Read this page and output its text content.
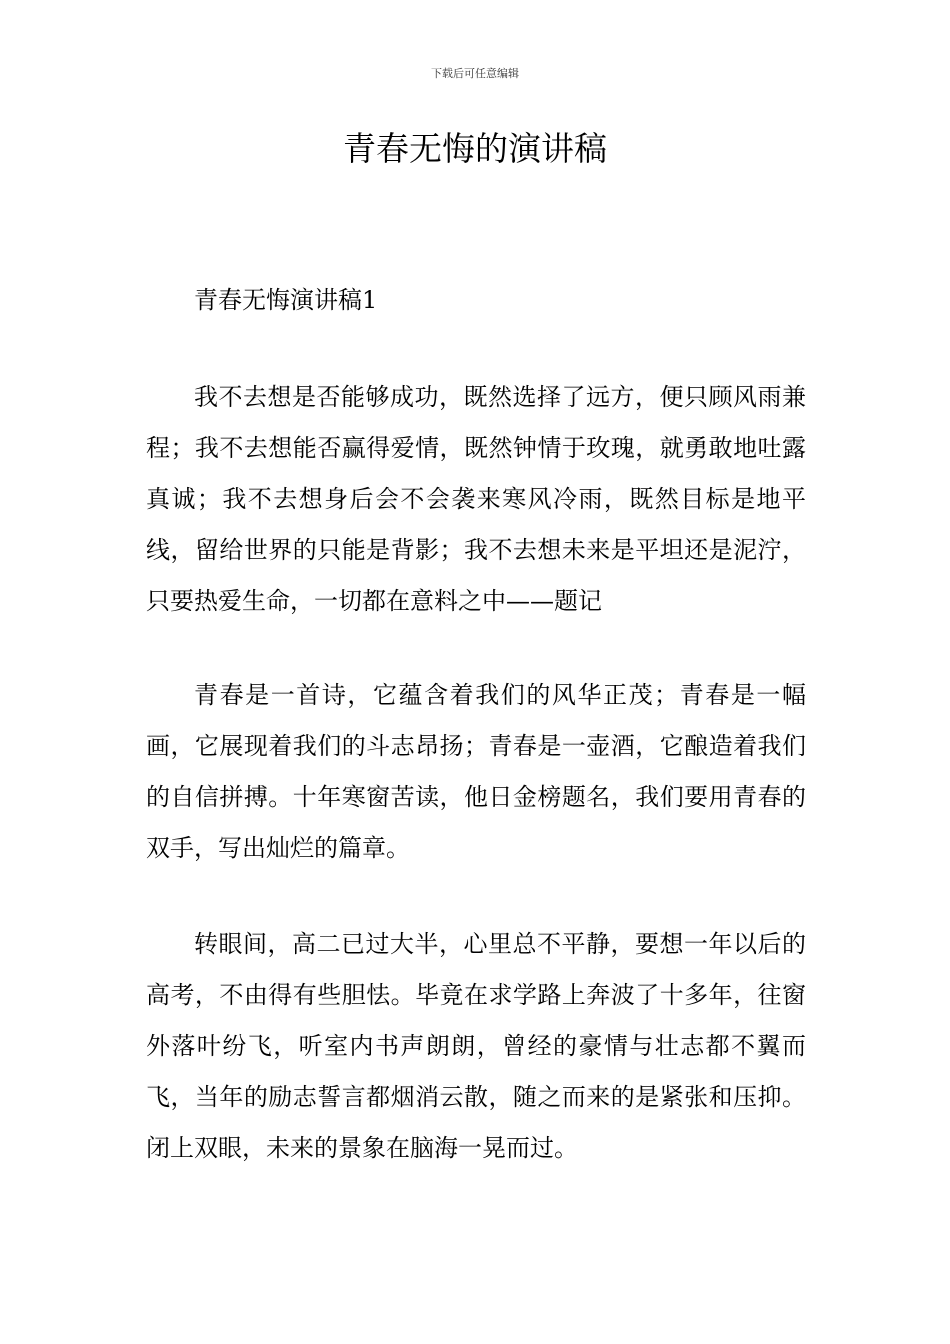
下载后可任意编辑
青春无悔的演讲稿

青春无悔演讲稿1

我不去想是否能够成功，既然选择了远方，便只顾风雨兼程；我不去想能否赢得爱情，既然钟情于玫瑰，就勇敢地吐露真诚；我不去想身后会不会袭来寒风冷雨，既然目标是地平线，留给世界的只能是背影；我不去想未来是平坦还是泥泞，只要热爱生命，一切都在意料之中——题记

青春是一首诗，它蕴含着我们的风华正茂；青春是一幅画，它展现着我们的斗志昂扬；青春是一壶酒，它酿造着我们的自信拼搏。十年寒窗苦读，他日金榜题名，我们要用青春的双手，写出灿烂的篇章。

转眼间，高二已过大半，心里总不平静，要想一年以后的高考，不由得有些胆怯。毕竟在求学路上奔波了十多年，往窗外落叶纷飞，听室内书声朗朗，曾经的豪情与壮志都不翼而飞，当年的励志誓言都烟消云散，随之而来的是紧张和压抑。闭上双眼，未来的景象在脑海一晃而过。
